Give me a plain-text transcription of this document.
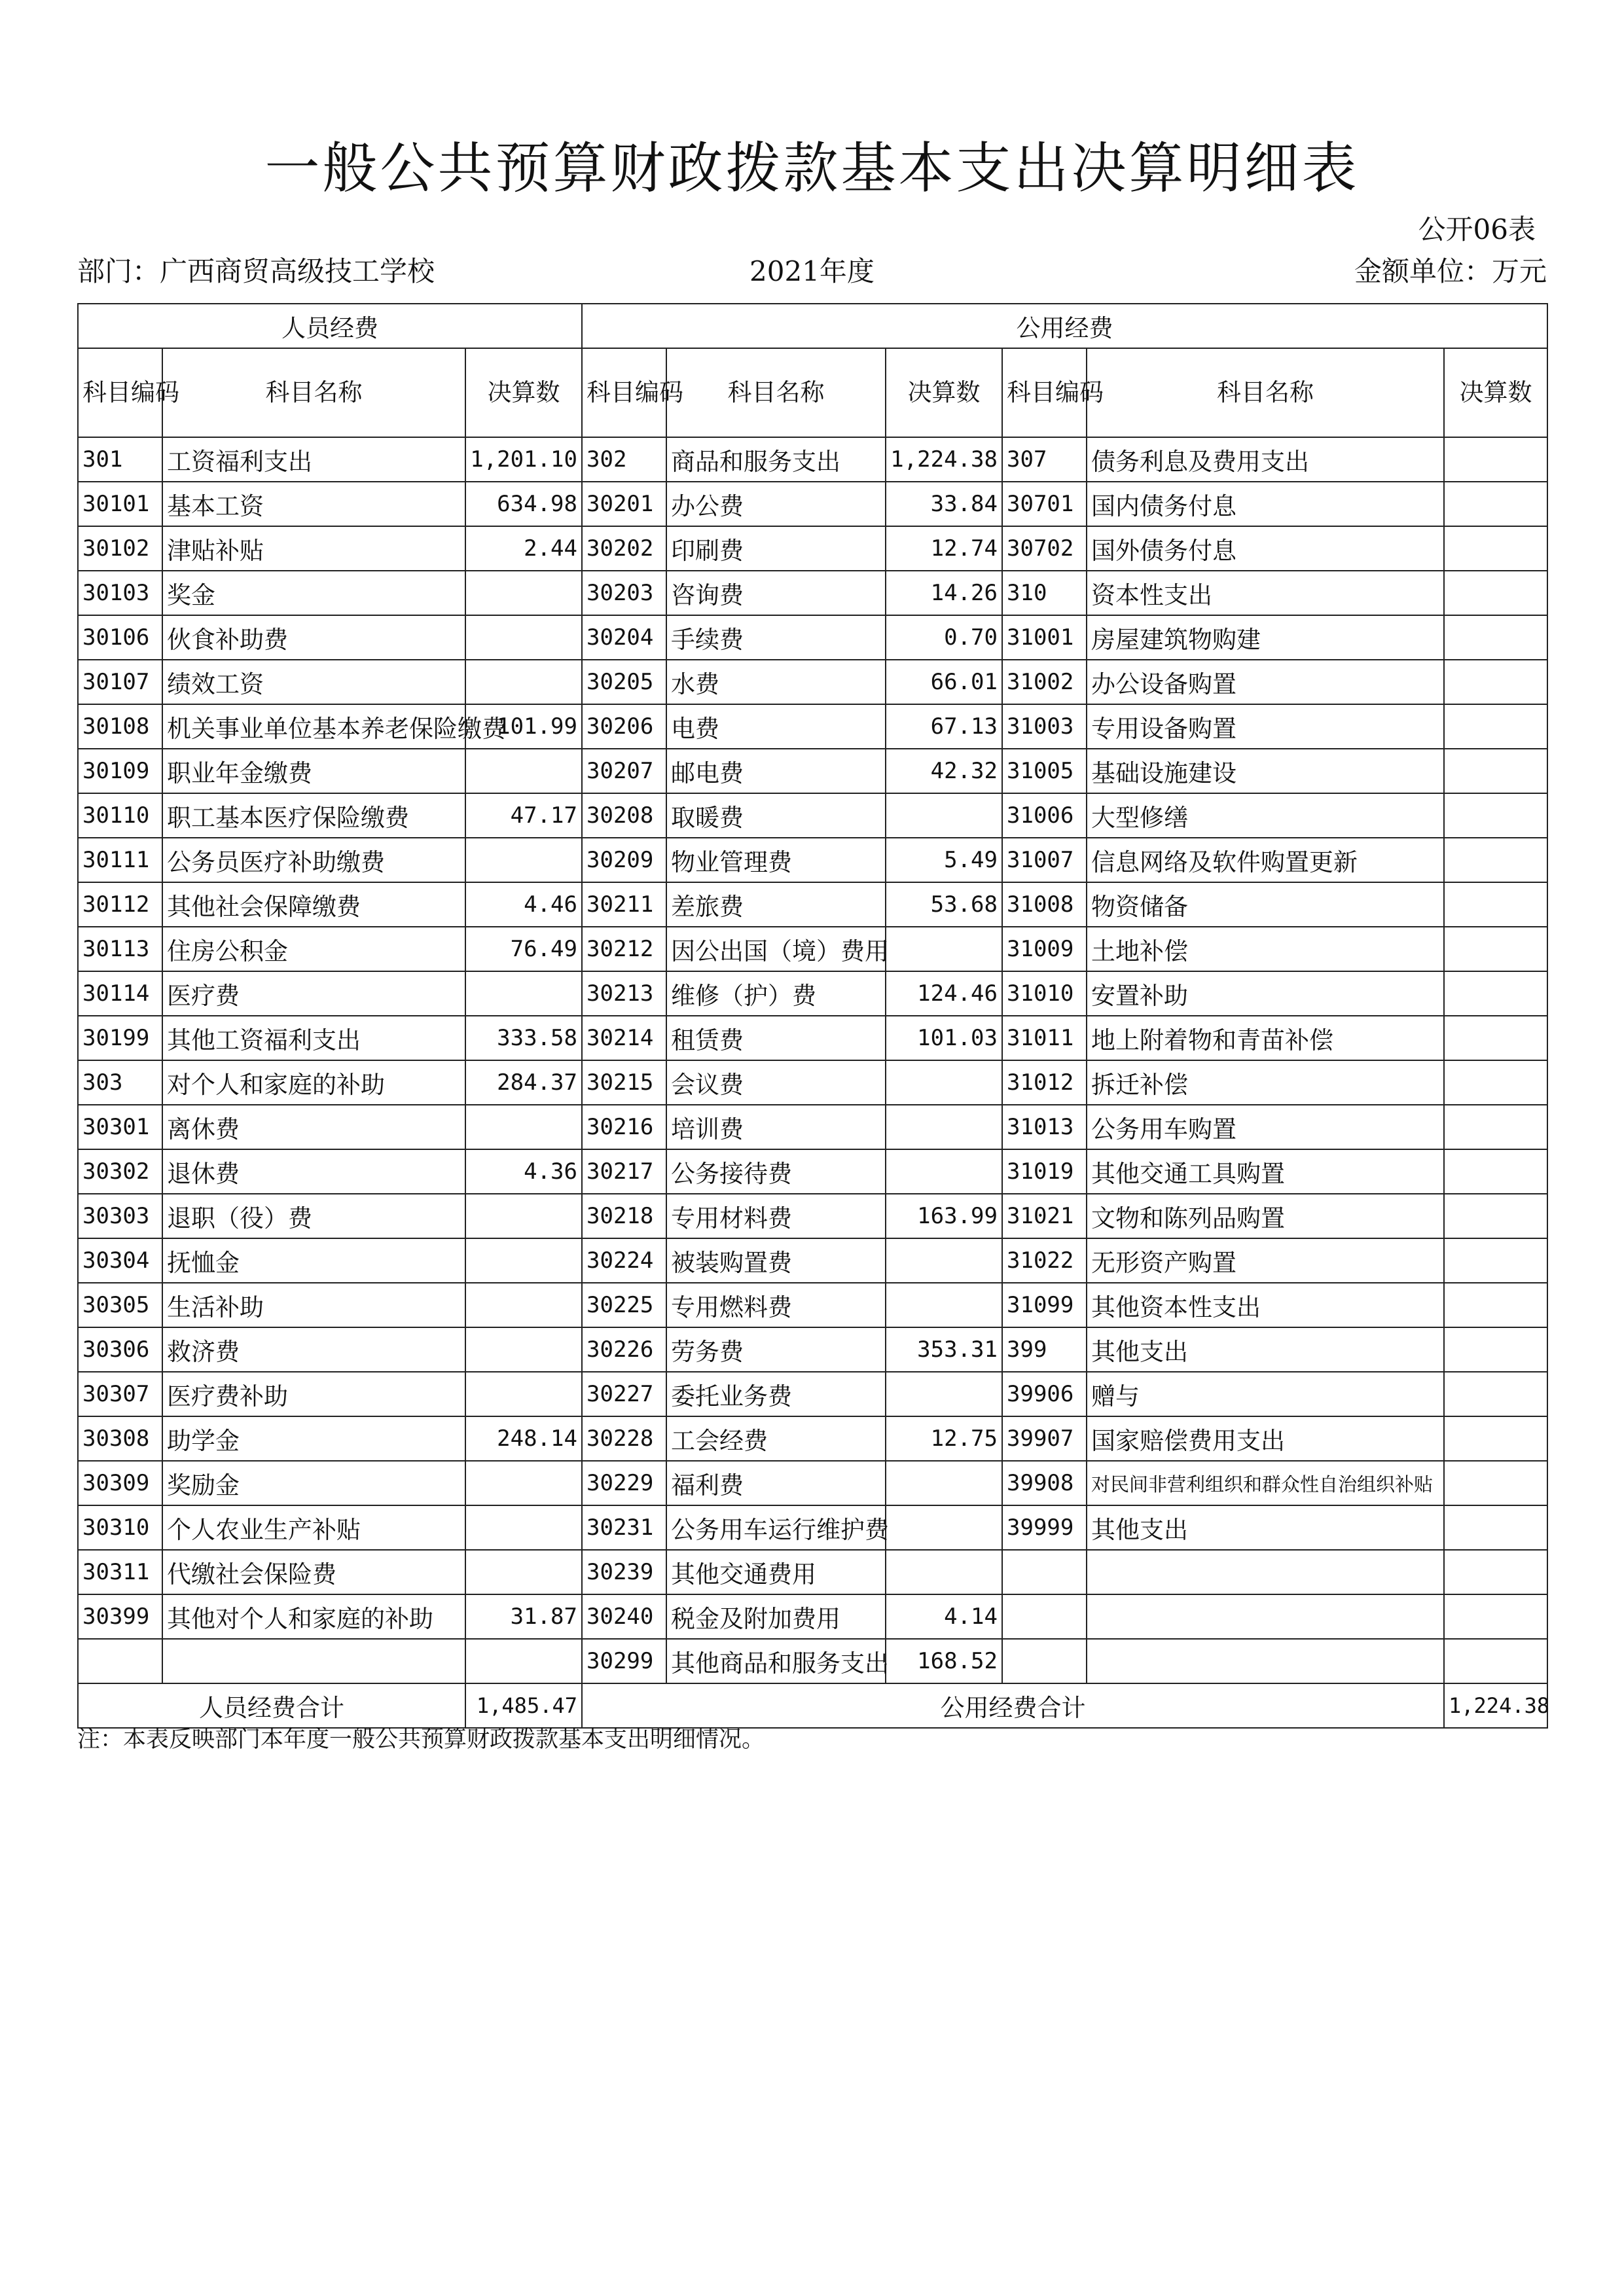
一般公共预算财政拨款基本支出决算明细表
公开06表
部门：广西商贸高级技工学校	2021年度	金额单位：万元
人员经费			公用经费					
科目编码	科目名称	决算数	科目编码	科目名称	决算数	科目编码	科目名称	决算数
301	工资福利支出	1,201.10	302	商品和服务支出	1,224.38	307	债务利息及费用支出	
30101	基本工资	634.98	30201	办公费	33.84	30701	国内债务付息	
30102	津贴补贴	2.44	30202	印刷费	12.74	30702	国外债务付息	
30103	奖金		30203	咨询费	14.26	310	资本性支出	
30106	伙食补助费		30204	手续费	0.70	31001	房屋建筑物购建	
30107	绩效工资		30205	水费	66.01	31002	办公设备购置	
30108	机关事业单位基本养老保险缴费	101.99	30206	电费	67.13	31003	专用设备购置	
30109	职业年金缴费		30207	邮电费	42.32	31005	基础设施建设	
30110	职工基本医疗保险缴费	47.17	30208	取暖费		31006	大型修缮	
30111	公务员医疗补助缴费		30209	物业管理费	5.49	31007	信息网络及软件购置更新	
30112	其他社会保障缴费	4.46	30211	差旅费	53.68	31008	物资储备	
30113	住房公积金	76.49	30212	因公出国（境）费用		31009	土地补偿	
30114	医疗费		30213	维修（护）费	124.46	31010	安置补助	
30199	其他工资福利支出	333.58	30214	租赁费	101.03	31011	地上附着物和青苗补偿	
303	对个人和家庭的补助	284.37	30215	会议费		31012	拆迁补偿	
30301	离休费		30216	培训费		31013	公务用车购置	
30302	退休费	4.36	30217	公务接待费		31019	其他交通工具购置	
30303	退职（役）费		30218	专用材料费	163.99	31021	文物和陈列品购置	
30304	抚恤金		30224	被装购置费		31022	无形资产购置	
30305	生活补助		30225	专用燃料费		31099	其他资本性支出	
30306	救济费		30226	劳务费	353.31	399	其他支出	
30307	医疗费补助		30227	委托业务费		39906	赠与	
30308	助学金	248.14	30228	工会经费	12.75	39907	国家赔偿费用支出	
30309	奖励金		30229	福利费		39908	对民间非营利组织和群众性自治组织补贴	
30310	个人农业生产补贴		30231	公务用车运行维护费		39999	其他支出	
30311	代缴社会保险费		30239	其他交通费用				
30399	其他对个人和家庭的补助	31.87	30240	税金及附加费用	4.14			
			30299	其他商品和服务支出	168.52			
人员经费合计		1,485.47	公用经费合计					1,224.38
注：本表反映部门本年度一般公共预算财政拨款基本支出明细情况。
